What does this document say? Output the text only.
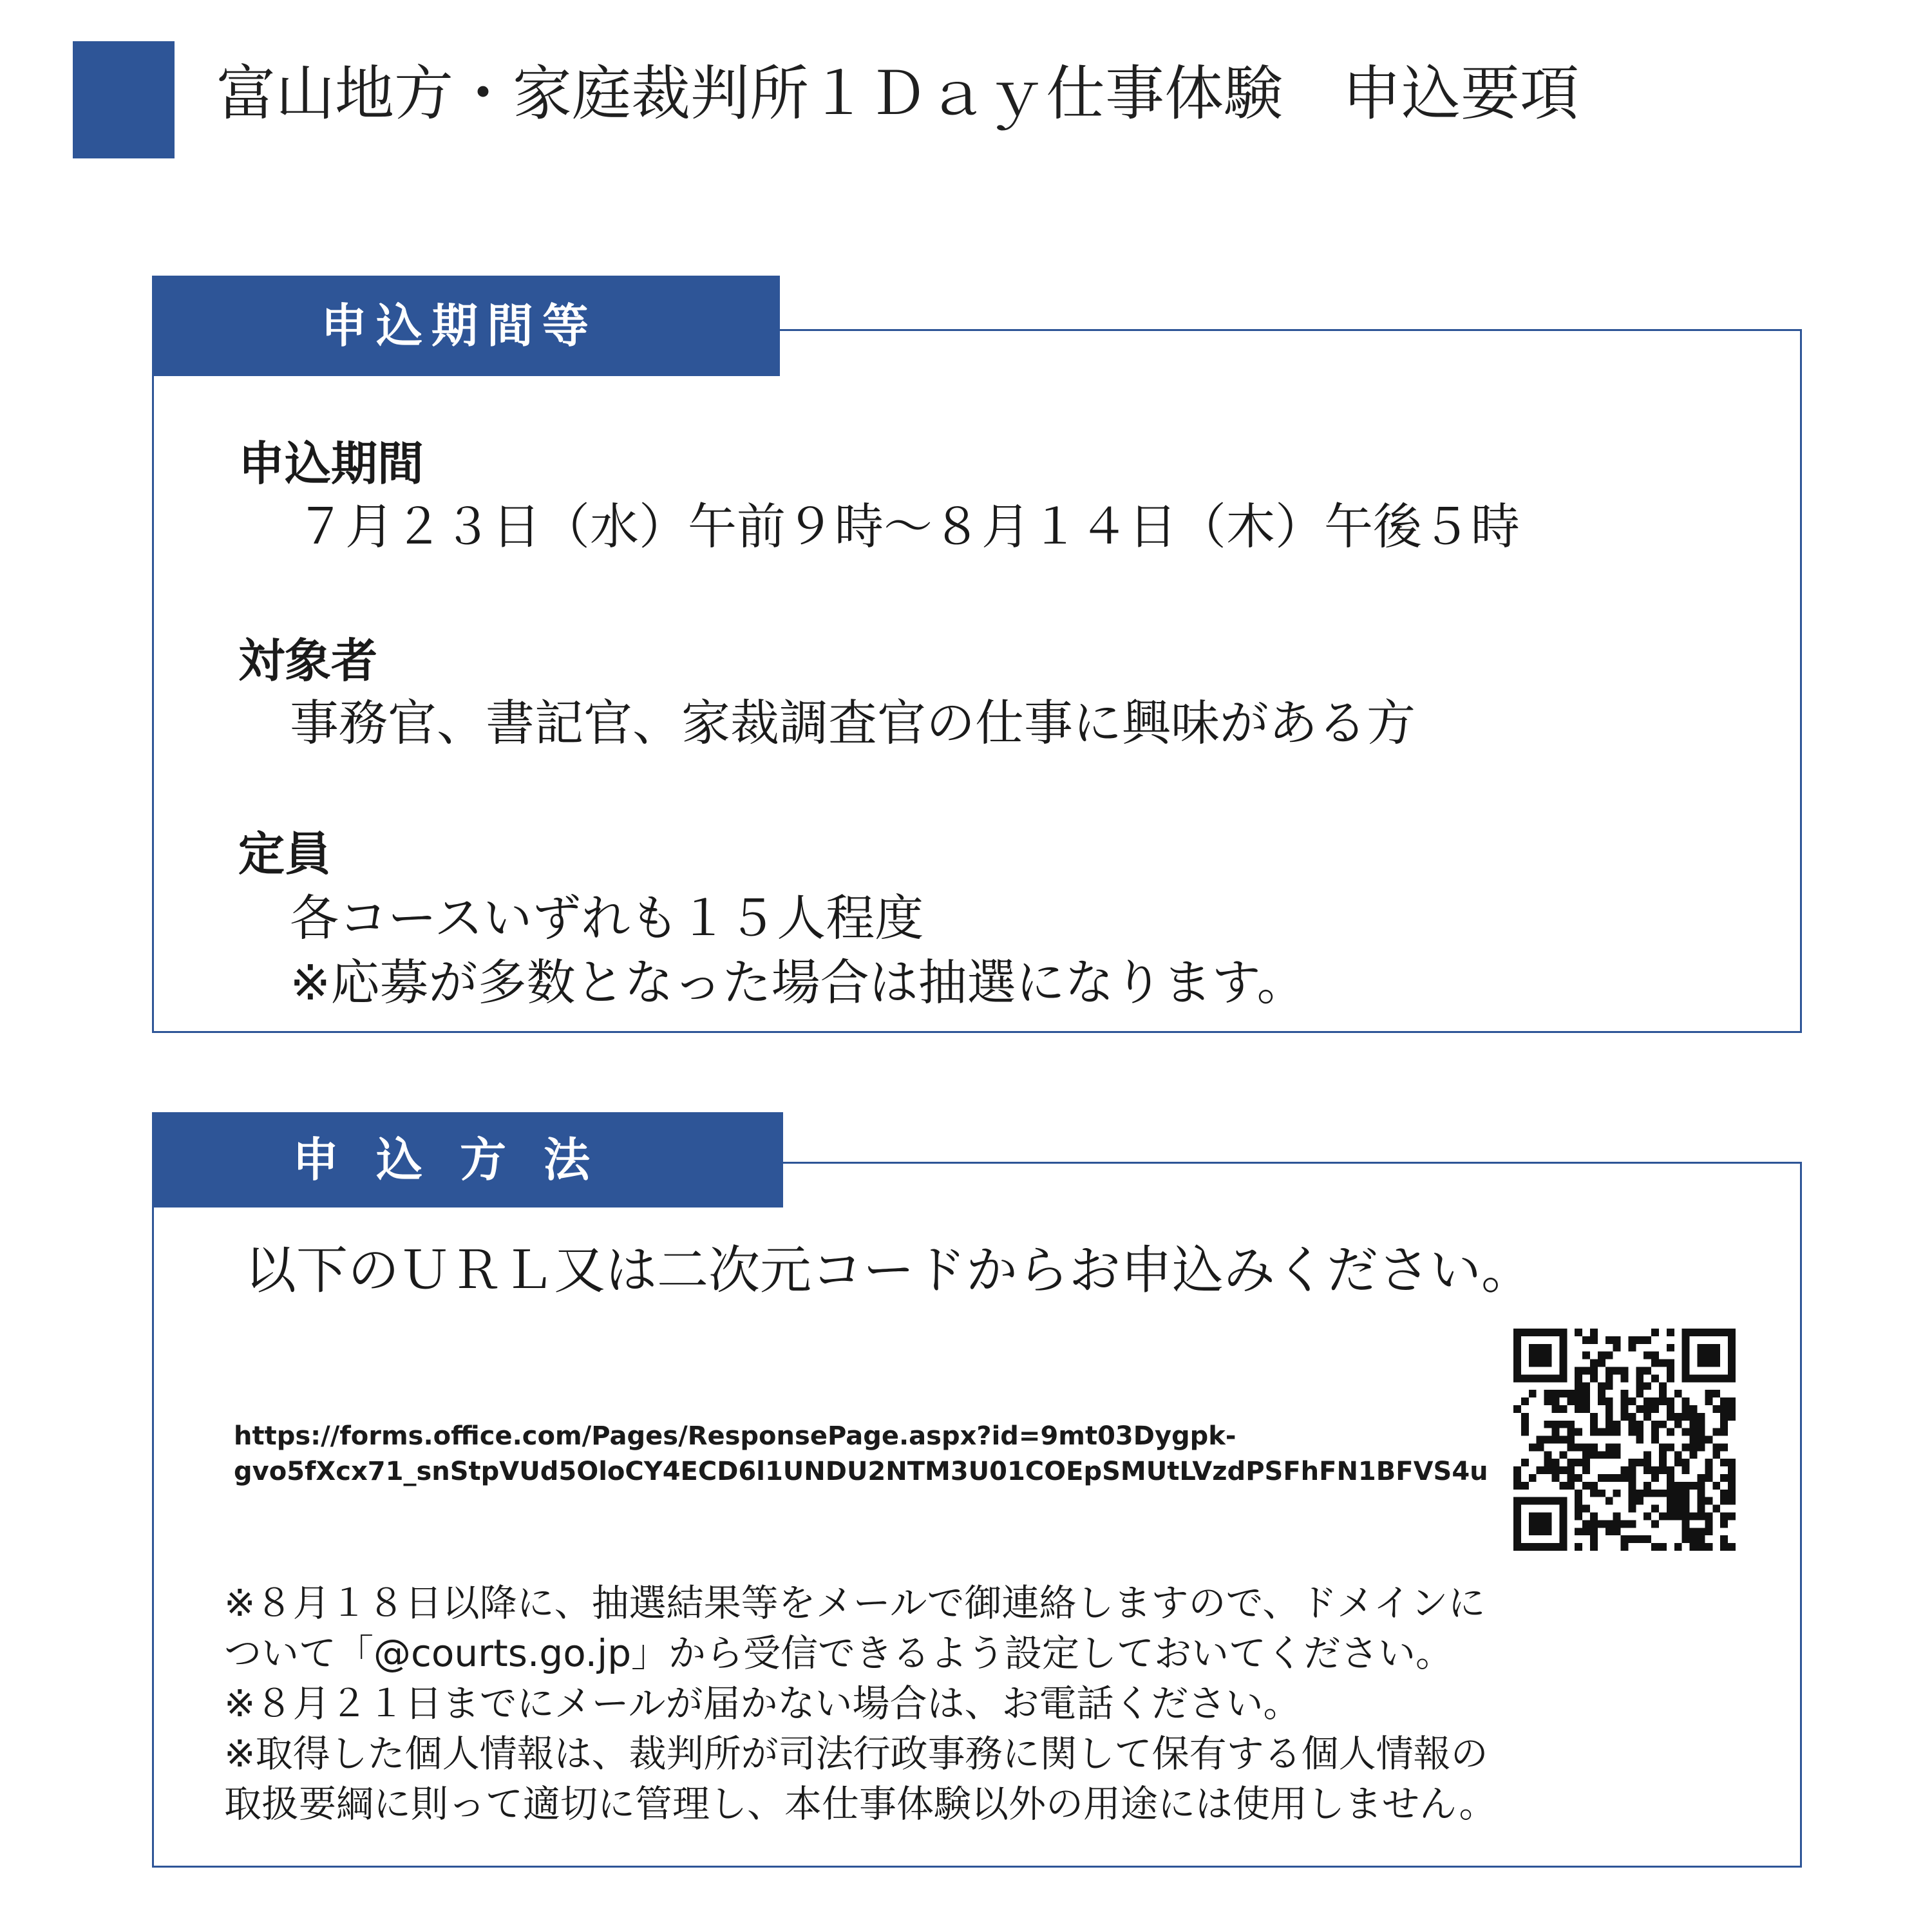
富山地方・家庭裁判所１Ｄａｙ仕事体験　申込要項
申込期間等
申込期間
７月２３日（水）午前９時～８月１４日（木）午後５時
対象者
事務官、書記官、家裁調査官の仕事に興味がある方
定員
各コースいずれも１５人程度
※応募が多数となった場合は抽選になります。
申込方法
以下のＵＲＬ又は二次元コードからお申込みください。
https://forms.office.com/Pages/ResponsePage.aspx?id=9mt03Dygpk-
gvo5fXcx71_snStpVUd5OloCY4ECD6l1UNDU2NTM3U01COEpSMUtLVzdPSFhFN1BFVS4u
※８月１８日以降に、抽選結果等をメールで御連絡しますので、ドメインに
ついて「@courts.go.jp」から受信できるよう設定しておいてください。
※８月２１日までにメールが届かない場合は、お電話ください。
※取得した個人情報は、裁判所が司法行政事務に関して保有する個人情報の
取扱要綱に則って適切に管理し、本仕事体験以外の用途には使用しません。
